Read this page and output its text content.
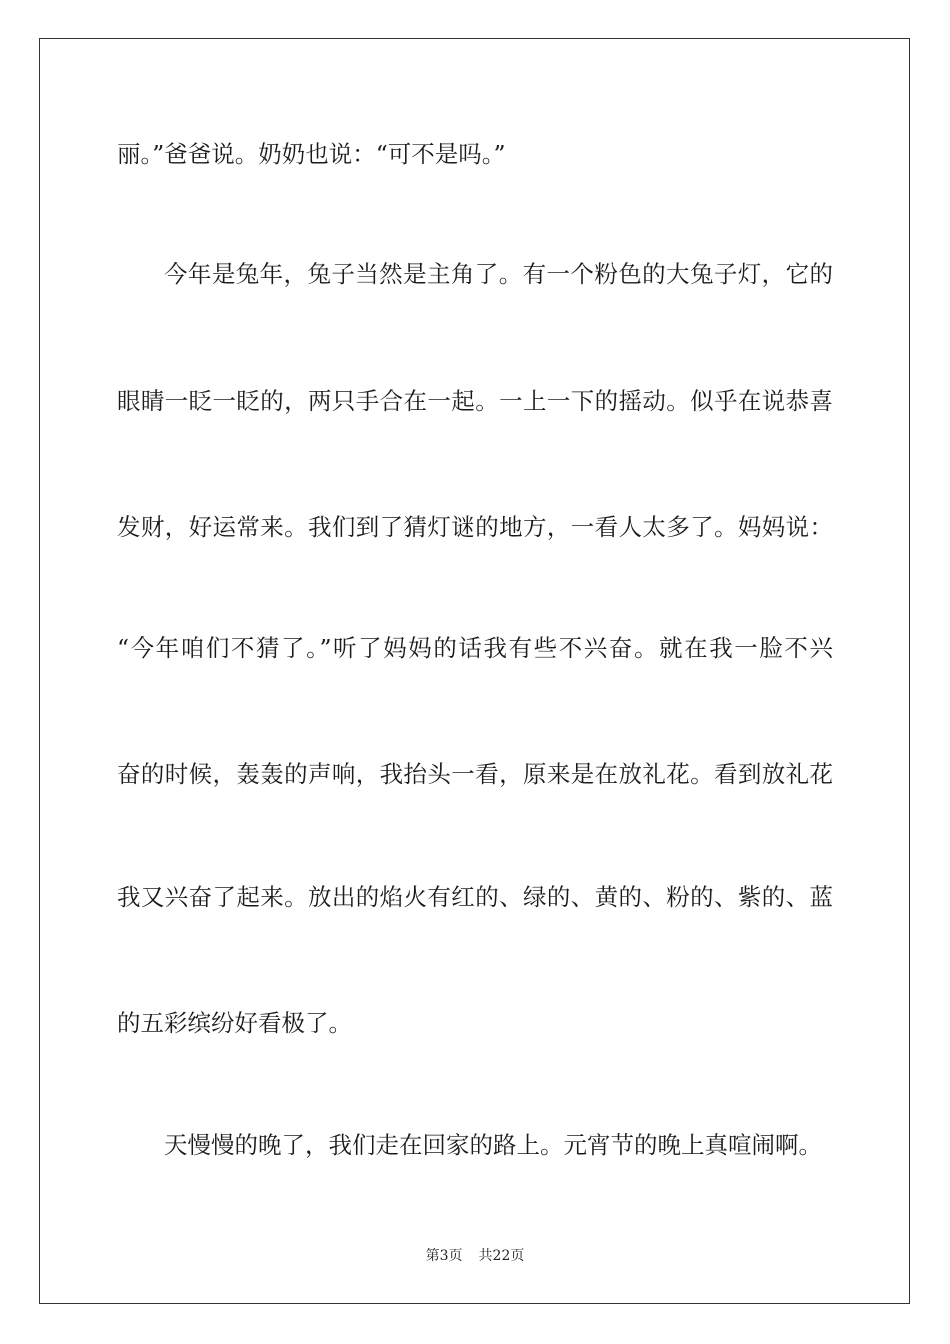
丽。”爸爸说。奶奶也说：“可不是吗。”
今年是兔年，兔子当然是主角了。有一个粉色的大兔子灯，它的
眼睛一眨一眨的，两只手合在一起。一上一下的摇动。似乎在说恭喜
发财，好运常来。我们到了猜灯谜的地方，一看人太多了。妈妈说：
“今年咱们不猜了。”听了妈妈的话我有些不兴奋。就在我一脸不兴
奋的时候，轰轰的声响，我抬头一看，原来是在放礼花。看到放礼花
我又兴奋了起来。放出的焰火有红的、绿的、黄的、粉的、紫的、蓝
的五彩缤纷好看极了。
天慢慢的晚了，我们走在回家的路上。元宵节的晚上真喧闹啊。
第3页 共22页
